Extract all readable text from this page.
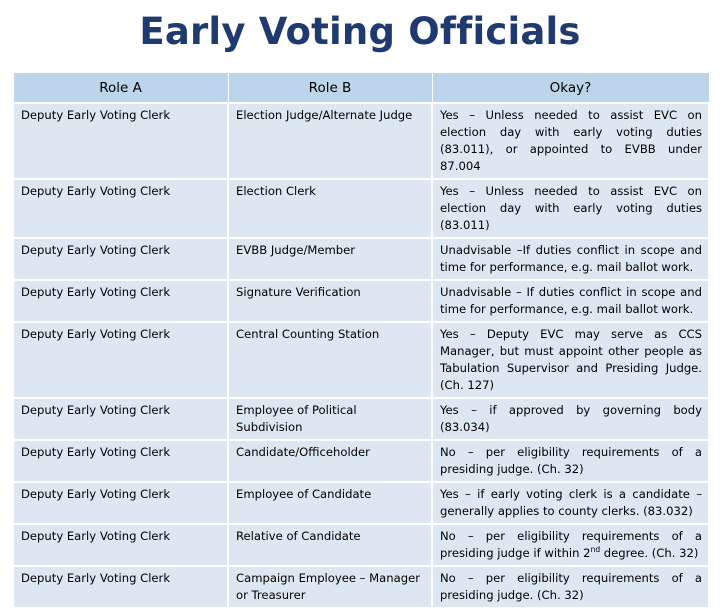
Early Voting Officials
Role A	Role B	Okay?
Deputy Early Voting Clerk	Election Judge/Alternate Judge	Yes – Unless needed to assist EVC on election day with early voting duties (83.011), or appointed to EVBB under 87.004
Deputy Early Voting Clerk	Election Clerk	Yes – Unless needed to assist EVC on election day with early voting duties (83.011)
Deputy Early Voting Clerk	EVBB Judge/Member	Unadvisable –If duties conflict in scope and time for performance, e.g. mail ballot work.
Deputy Early Voting Clerk	Signature Verification	Unadvisable – If duties conflict in scope and time for performance, e.g. mail ballot work.
Deputy Early Voting Clerk	Central Counting Station	Yes – Deputy EVC may serve as CCS Manager, but must appoint other people as Tabulation Supervisor and Presiding Judge. (Ch. 127)
Deputy Early Voting Clerk	Employee of Political Subdivision	Yes – if approved by governing body (83.034)
Deputy Early Voting Clerk	Candidate/Officeholder	No – per eligibility requirements of a presiding judge. (Ch. 32)
Deputy Early Voting Clerk	Employee of Candidate	Yes – if early voting clerk is a candidate – generally applies to county clerks. (83.032)
Deputy Early Voting Clerk	Relative of Candidate	No – per eligibility requirements of a presiding judge if within 2nd degree. (Ch. 32)
Deputy Early Voting Clerk	Campaign Employee – Manager or Treasurer	No – per eligibility requirements of a presiding judge. (Ch. 32)
